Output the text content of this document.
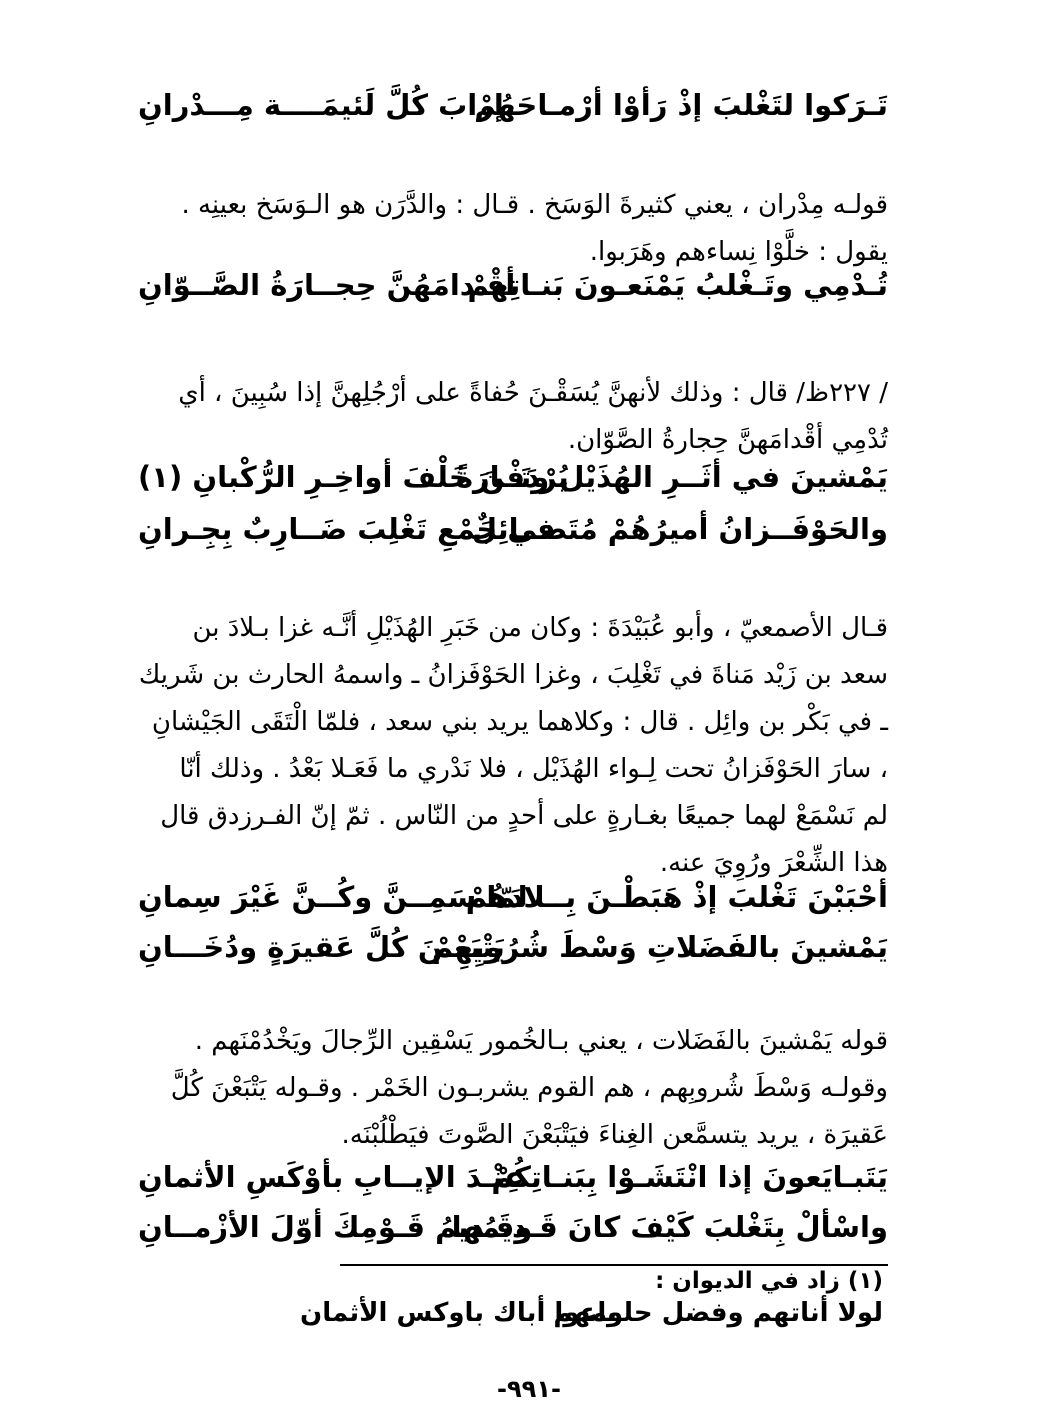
تَـرَكوا لتَغْلبَ إذْ رَأوْا أرْمـاحَهُمْ
بإرابَ كُلَّ لَئيمَــــة مِـــدْرانِ

قولـه مِدْران ، يعني كثيرةَ الوَسَخ . قـال : والدَّرَن هو الـوَسَخ بعينِه .

يقول : خلَّوْا نِساءهم وهَرَبوا.

تُـدْمِي وتَـغْلبُ يَمْنَعـونَ بَنـاتِهمْ
أقْـدامَهُنَّ حِجــارَةُ الصَّــوّانِ

/ ٢٢٧ظ/ قال : وذلك لأنهنَّ يُسَقْـنَ حُفاةً على أرْجُلِهنَّ إذا سُبِينَ ، أي

تُدْمِي أقْدامَهنَّ حِجارةُ الصَّوّان.

يَمْشينَ في أثَــرِ الهُذَيْل وتَــارَةً
يُرْدَفْنَ خَلْفَ أواخِـرِ الرُّكْبانِ (١)
والحَوْفَــزانُ أميرُهُمْ مُتَضــائِلٌ
في جَمْعِ تَغْلِبَ ضَــارِبٌ بِجِـرانِ

قـال الأصمعيّ ، وأبو عُبَيْدَةَ : وكان من خَبَرِ الهُذَيْلِ أنَّـه غزا بـلادَ بن

سعد بن زَيْد مَناةَ في تَغْلِبَ ، وغزا الحَوْفَزانُ ـ واسمهُ الحارث بن شَريك

ـ في بَكْر بن وائِل . قال : وكلاهما يريد بني سعد ، فلمّا الْتَقَى الجَيْشانِ

، سارَ الحَوْفَزانُ تحت لِـواء الهُذَيْل ، فلا نَدْري ما فَعَـلا بَعْدُ . وذلك أنّا

لم نَسْمَعْ لهما جميعًا بغـارةٍ على أحدٍ من النّاس . ثمّ إنّ الفـرزدق قال

هذا الشِّعْرَ ورُوِيَ عنه.

أحْبَبْنَ تَغْلبَ إذْ هَبَطْـنَ بِــلادَهُمْ
لمّا سَمِــنَّ وكُــنَّ غَيْرَ سِمانِ
يَمْشينَ بالفَضَلاتِ وَسْطَ شُرُوبِهِمْ
يَتْبَعْـنَ كُلَّ عَقيرَةٍ ودُخَـــانِ

قوله يَمْشينَ بالفَضَلات ، يعني بـالخُمور يَسْقِين الرِّجالَ ويَخْدُمْنَهم .

وقولـه وَسْطَ شُروبِهم ، هم القوم يشربـون الخَمْر . وقـوله يَتْبَعْنَ كُلَّ

عَقيرَة ، يريد يتسمَّعن الغِناءَ فيَتْبَعْنَ الصَّوتَ فيَطْلُبْنَه.

يَتَبـايَعونَ إذا انْتَشَـوْا بِبَنـاتِكُمْ
عِنْـدَ الإيــابِ بأوْكَسِ الأثمانِ
واسْألْ بِتَغْلبَ كَيْفَ كانَ قَـديمُها
وقَـديمُ قَـوْمِكَ أوّلَ الأزْمــانِ
(١) زاد في الديوان :
لولا أناتهم وفضل حلومهم
باعوا أباك باوكس الأثمان
-٩٩١-
